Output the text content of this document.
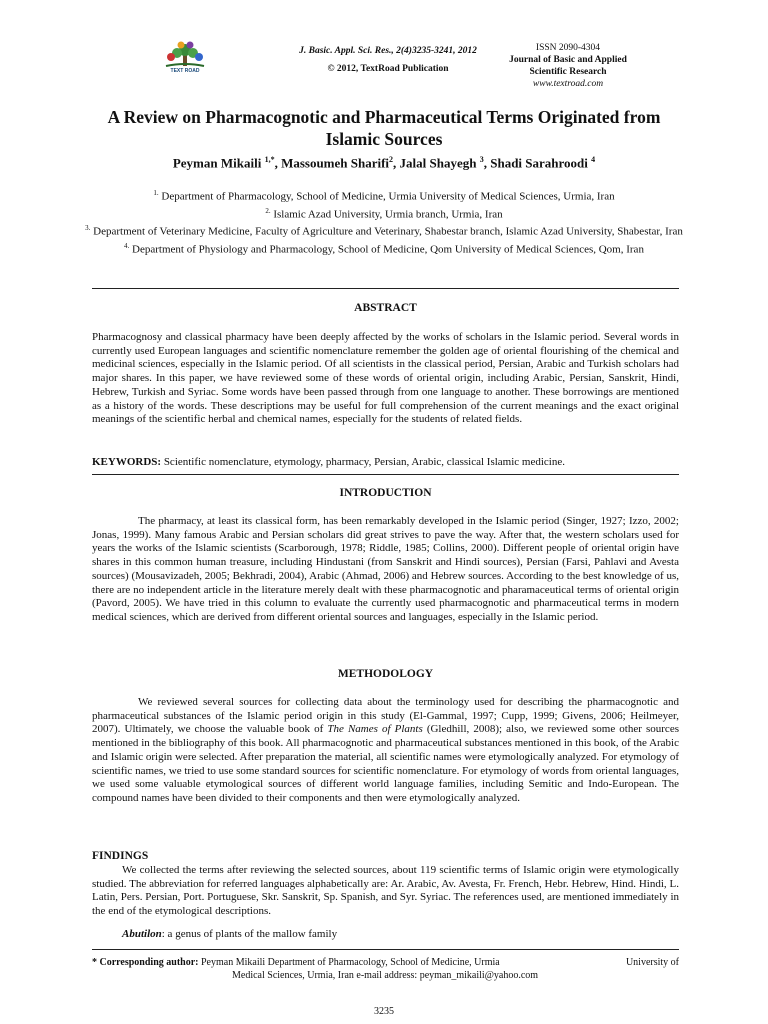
TEXT ROAD
J. Basic. Appl. Sci. Res., 2(4)3235-3241, 2012
© 2012, TextRoad Publication
ISSN 2090-4304
Journal of Basic and Applied
Scientific Research
www.textroad.com
A Review on Pharmacognotic and Pharmaceutical Terms Originated from
Islamic Sources
Peyman Mikaili $^{1,*}$, Massoumeh Sharifi$^2$, Jalal Shayegh $^3$, Shadi Sarahroodi $^4$
$^{1.}$ Department of Pharmacology, School of Medicine, Urmia University of Medical Sciences, Urmia, Iran
$^{2.}$ Islamic Azad University, Urmia branch, Urmia, Iran
$^{3.}$ Department of Veterinary Medicine, Faculty of Agriculture and Veterinary, Shabestar branch, Islamic Azad University, Shabestar, Iran
$^{4.}$ Department of Physiology and Pharmacology, School of Medicine, Qom University of Medical Sciences, Qom, Iran
ABSTRACT
Pharmacognosy and classical pharmacy have been deeply affected by the works of scholars in the Islamic period. Several words in currently used European languages and scientific nomenclature remember the golden age of oriental flourishing of the chemical and medicinal sciences, especially in the Islamic period. Of all scientists in the classical period, Persian, Arabic and Turkish scholars had major shares. In this paper, we have reviewed some of these words of oriental origin, including Arabic, Persian, Sanskrit, Hindi, Hebrew, Turkish and Syriac. Some words have been passed through from one language to another. These borrowings are mentioned as a history of the words. These descriptions may be useful for full comprehension of the current meanings and the exact original meanings of the scientific herbal and chemical names, especially for the students of related fields.
KEYWORDS: Scientific nomenclature, etymology, pharmacy, Persian, Arabic, classical Islamic medicine.
INTRODUCTION
The pharmacy, at least its classical form, has been remarkably developed in the Islamic period (Singer, 1927; Izzo, 2002; Jonas, 1999). Many famous Arabic and Persian scholars did great strives to pave the way. After that, the western scholars used for years the works of the Islamic scientists (Scarborough, 1978; Riddle, 1985; Collins, 2000). Different people of oriental origin have shares in this common human treasure, including Hindustani (from Sanskrit and Hindi sources), Persian (Farsi, Pahlavi and Avesta sources) (Mousavizadeh, 2005; Bekhradi, 2004), Arabic (Ahmad, 2006) and Hebrew sources. According to the best knowledge of us, there are no independent article in the literature merely dealt with these pharmacognotic and pharamaceutical terms of oriental origin (Pavord, 2005). We have tried in this column to evaluate the currently used pharmacognotic and pharmaceutical terms in modern medical sciences, which are derived from different oriental sources and languages, especially in the Islamic period.
METHODOLOGY
We reviewed several sources for collecting data about the terminology used for describing the pharmacognotic and pharmaceutical substances of the Islamic period origin in this study (El-Gammal, 1997; Cupp, 1999; Givens, 2006; Heilmeyer, 2007). Ultimately, we choose the valuable book of The Names of Plants (Gledhill, 2008); also, we reviewed some other sources mentioned in the bibliography of this book. All pharmacognotic and pharmaceutical substances mentioned in this book, of the Arabic and Islamic origin were selected. After preparation the material, all scientific names were etymologically analyzed. For etymology of scientific names, we tried to use some standard sources for scientific nomenclature. For etymology of words from oriental languages, we used some valuable etymological sources of different world language families, including Semitic and Indo-European. The compound names have been divided to their components and then were etymologically analyzed.
FINDINGS
We collected the terms after reviewing the selected sources, about 119 scientific terms of Islamic origin were etymologically studied. The abbreviation for referred languages alphabetically are: Ar. Arabic, Av. Avesta, Fr. French, Hebr. Hebrew, Hind. Hindi, L. Latin, Pers. Persian, Port. Portuguese, Skr. Sanskrit, Sp. Spanish, and Syr. Syriac. The references used, are mentioned immediately in the end of the etymological descriptions.
Abutilon: a genus of plants of the mallow family
* Corresponding author: Peyman Mikaili Department of Pharmacology, School of Medicine, Urmia	University of
Medical Sciences, Urmia, Iran e-mail address: peyman_mikaili@yahoo.com
3235
